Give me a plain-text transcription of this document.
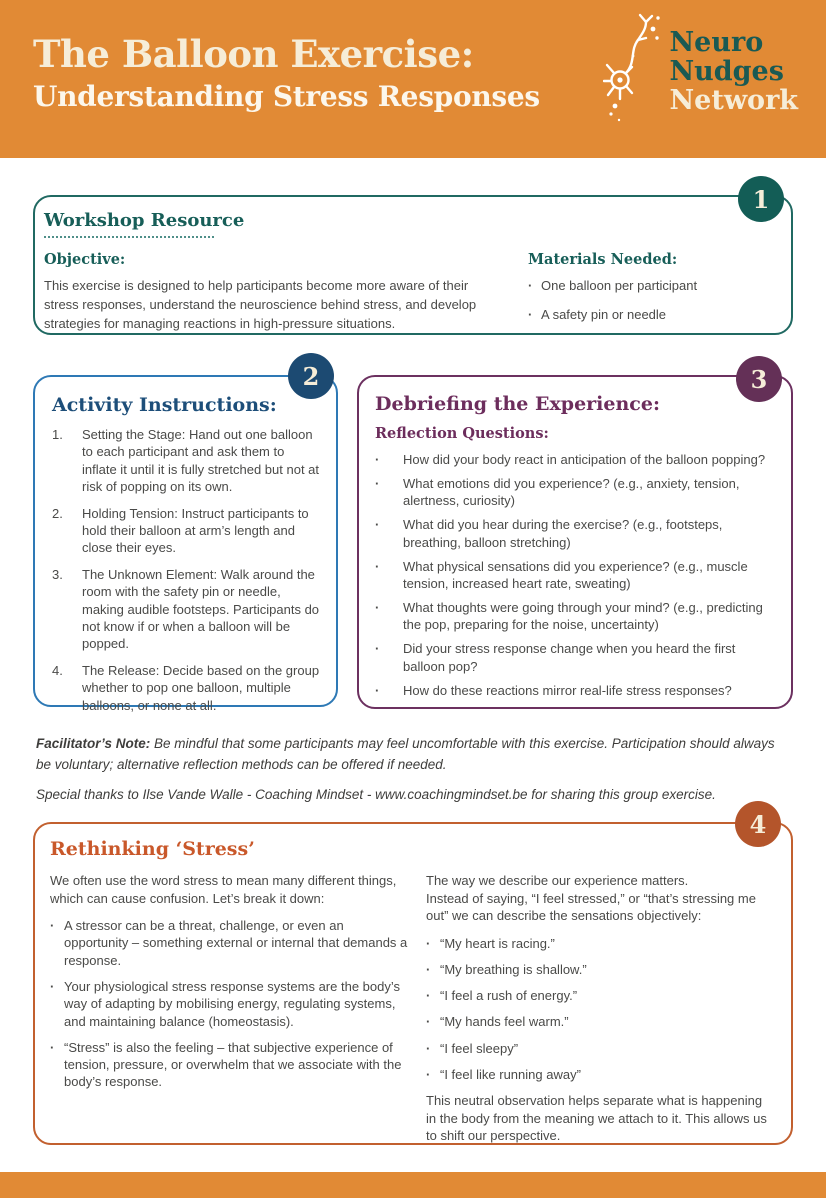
The Balloon Exercise:
Understanding Stress Responses
Neuro
Nudges
Network
1
Workshop Resource
Objective:

This exercise is designed to help participants become more aware of their stress responses, understand the neuroscience behind stress, and develop strategies for managing reactions in high-pressure situations.

Materials Needed:
· One balloon per participant
· A safety pin or needle
2
Activity Instructions:
Setting the Stage: Hand out one balloon to each participant and ask them to inflate it until it is fully stretched but not at risk of popping on its own.
Holding Tension: Instruct participants to hold their balloon at arm’s length and close their eyes.
The Unknown Element: Walk around the room with the safety pin or needle, making audible footsteps. Participants do not know if or when a balloon will be popped.
The Release: Decide based on the group whether to pop one balloon, multiple balloons, or none at all.
3
Debriefing the Experience:
Reflection Questions:
· How did your body react in anticipation of the balloon popping?
· What emotions did you experience? (e.g., anxiety, tension, alertness, curiosity)
· What did you hear during the exercise? (e.g., footsteps, breathing, balloon stretching)
· What physical sensations did you experience? (e.g., muscle tension, increased heart rate, sweating)
· What thoughts were going through your mind? (e.g., predicting the pop, preparing for the noise, uncertainty)
· Did your stress response change when you heard the first balloon pop?
· How do these reactions mirror real-life stress responses?

Facilitator’s Note: Be mindful that some participants may feel uncomfortable with this exercise. Participation should always be voluntary; alternative reflection methods can be offered if needed.

Special thanks to Ilse Vande Walle - Coaching Mindset - www.coachingmindset.be for sharing this group exercise.

4
Rethinking ‘Stress’

We often use the word stress to mean many different things, which can cause confusion. Let’s break it down:

· A stressor can be a threat, challenge, or even an opportunity – something external or internal that demands a response.
· Your physiological stress response systems are the body’s way of adapting by mobilising energy, regulating systems, and maintaining balance (homeostasis).
· “Stress” is also the feeling – that subjective experience of tension, pressure, or overwhelm that we associate with the body’s response.

The way we describe our experience matters.

Instead of saying, “I feel stressed,” or “that’s stressing me out” we can describe the sensations objectively:

· “My heart is racing.”
· “My breathing is shallow.”
· “I feel a rush of energy.”
· “My hands feel warm.”
· “I feel sleepy”
· “I feel like running away”

This neutral observation helps separate what is happening in the body from the meaning we attach to it. This allows us to shift our perspective.
